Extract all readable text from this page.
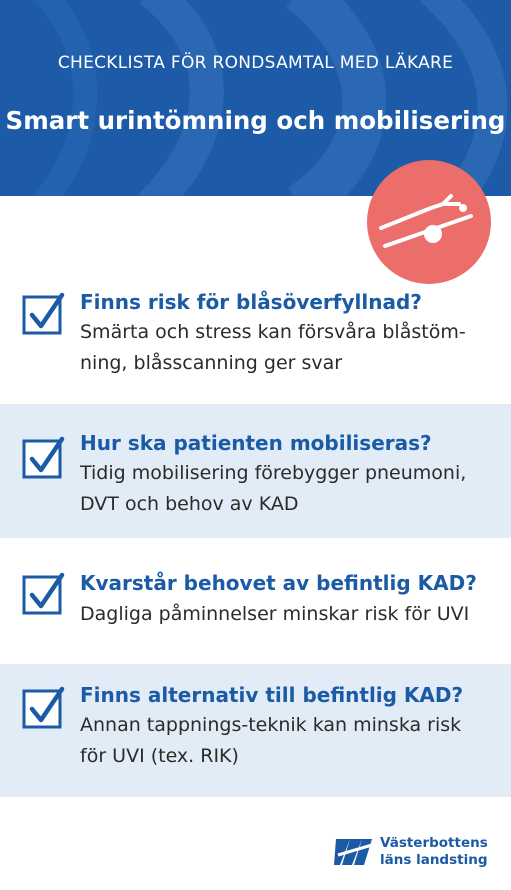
CHECKLISTA FÖR RONDSAMTAL MED LÄKARE
Smart urintömning och mobilisering

Finns risk för blåsöverfyllnad?

Smärta och stress kan försvåra blåstöm-

ning, blåsscanning ger svar

Hur ska patienten mobiliseras?

Tidig mobilisering förebygger pneumoni,

DVT och behov av KAD

Kvarstår behovet av befintlig KAD?

Dagliga påminnelser minskar risk för UVI

Finns alternativ till befintlig KAD?

Annan tappnings-teknik kan minska risk

för UVI (tex. RIK)

Västerbottens
läns landsting
